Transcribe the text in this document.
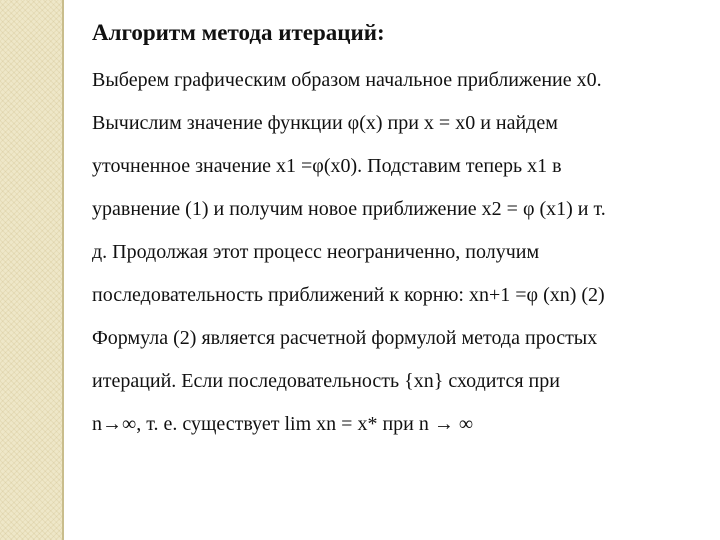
Алгоритм метода итераций:
Выберем графическим образом начальное приближение x0.
Вычислим значение функции φ(x) при x = x0 и найдем
уточненное значение x1 =φ(x0). Подставим теперь x1 в
уравнение (1) и получим новое приближение x2 = φ (x1) и т.
д. Продолжая этот процесс неограниченно, получим
последовательность приближений к корню: xn+1 =φ (xn) (2)
Формула (2) является расчетной формулой метода простых
итераций. Если последовательность {xn} сходится при
n→∞, т. е. существует lim xn = x* при n → ∞
